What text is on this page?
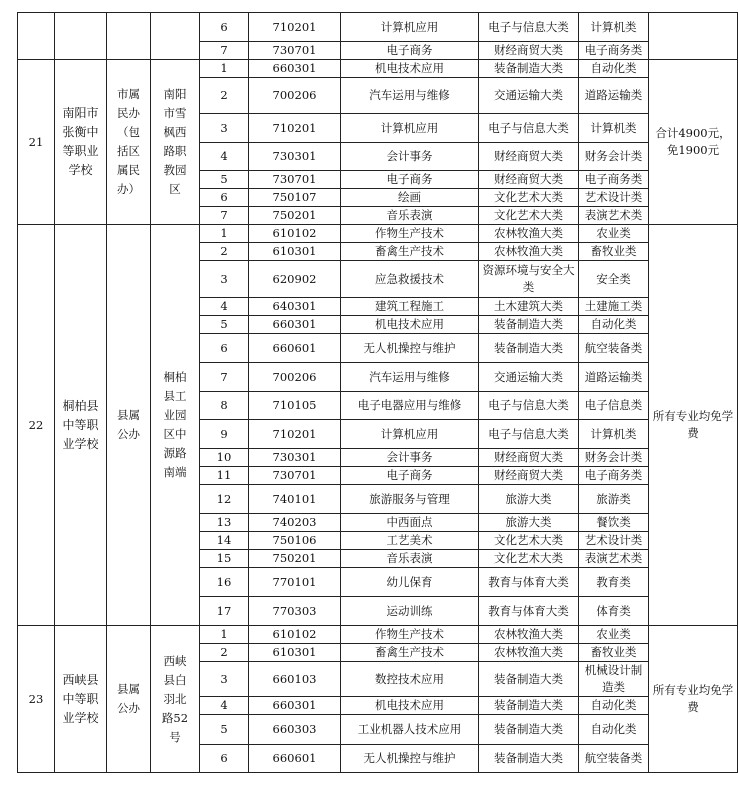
				6	710201	计算机应用	电子与信息大类	计算机类	
				7	730701	电子商务	财经商贸大类	电子商务类	
21	南阳市张衡中等职业学校	市属民办（包括区属民办）	南阳市雪枫西路职教园区	1	660301	机电技术应用	装备制造大类	自动化类	合计4900元，免1900元
				2	700206	汽车运用与维修	交通运输大类	道路运输类	
				3	710201	计算机应用	电子与信息大类	计算机类	
				4	730301	会计事务	财经商贸大类	财务会计类	
				5	730701	电子商务	财经商贸大类	电子商务类	
				6	750107	绘画	文化艺术大类	艺术设计类	
				7	750201	音乐表演	文化艺术大类	表演艺术类	
22	桐柏县中等职业学校	县属公办	桐柏县工业园区中源路南端	1	610102	作物生产技术	农林牧渔大类	农业类	所有专业均免学费
				2	610301	畜禽生产技术	农林牧渔大类	畜牧业类	
				3	620902	应急救援技术	资源环境与安全大类	安全类	
				4	640301	建筑工程施工	土木建筑大类	土建施工类	
				5	660301	机电技术应用	装备制造大类	自动化类	
				6	660601	无人机操控与维护	装备制造大类	航空装备类	
				7	700206	汽车运用与维修	交通运输大类	道路运输类	
				8	710105	电子电器应用与维修	电子与信息大类	电子信息类	
				9	710201	计算机应用	电子与信息大类	计算机类	
				10	730301	会计事务	财经商贸大类	财务会计类	
				11	730701	电子商务	财经商贸大类	电子商务类	
				12	740101	旅游服务与管理	旅游大类	旅游类	
				13	740203	中西面点	旅游大类	餐饮类	
				14	750106	工艺美术	文化艺术大类	艺术设计类	
				15	750201	音乐表演	文化艺术大类	表演艺术类	
				16	770101	幼儿保育	教育与体育大类	教育类	
				17	770303	运动训练	教育与体育大类	体育类	
23	西峡县中等职业学校	县属公办	西峡县白羽北路52号	1	610102	作物生产技术	农林牧渔大类	农业类	所有专业均免学费
				2	610301	畜禽生产技术	农林牧渔大类	畜牧业类	
				3	660103	数控技术应用	装备制造大类	机械设计制造类	
				4	660301	机电技术应用	装备制造大类	自动化类	
				5	660303	工业机器人技术应用	装备制造大类	自动化类	
				6	660601	无人机操控与维护	装备制造大类	航空装备类	
